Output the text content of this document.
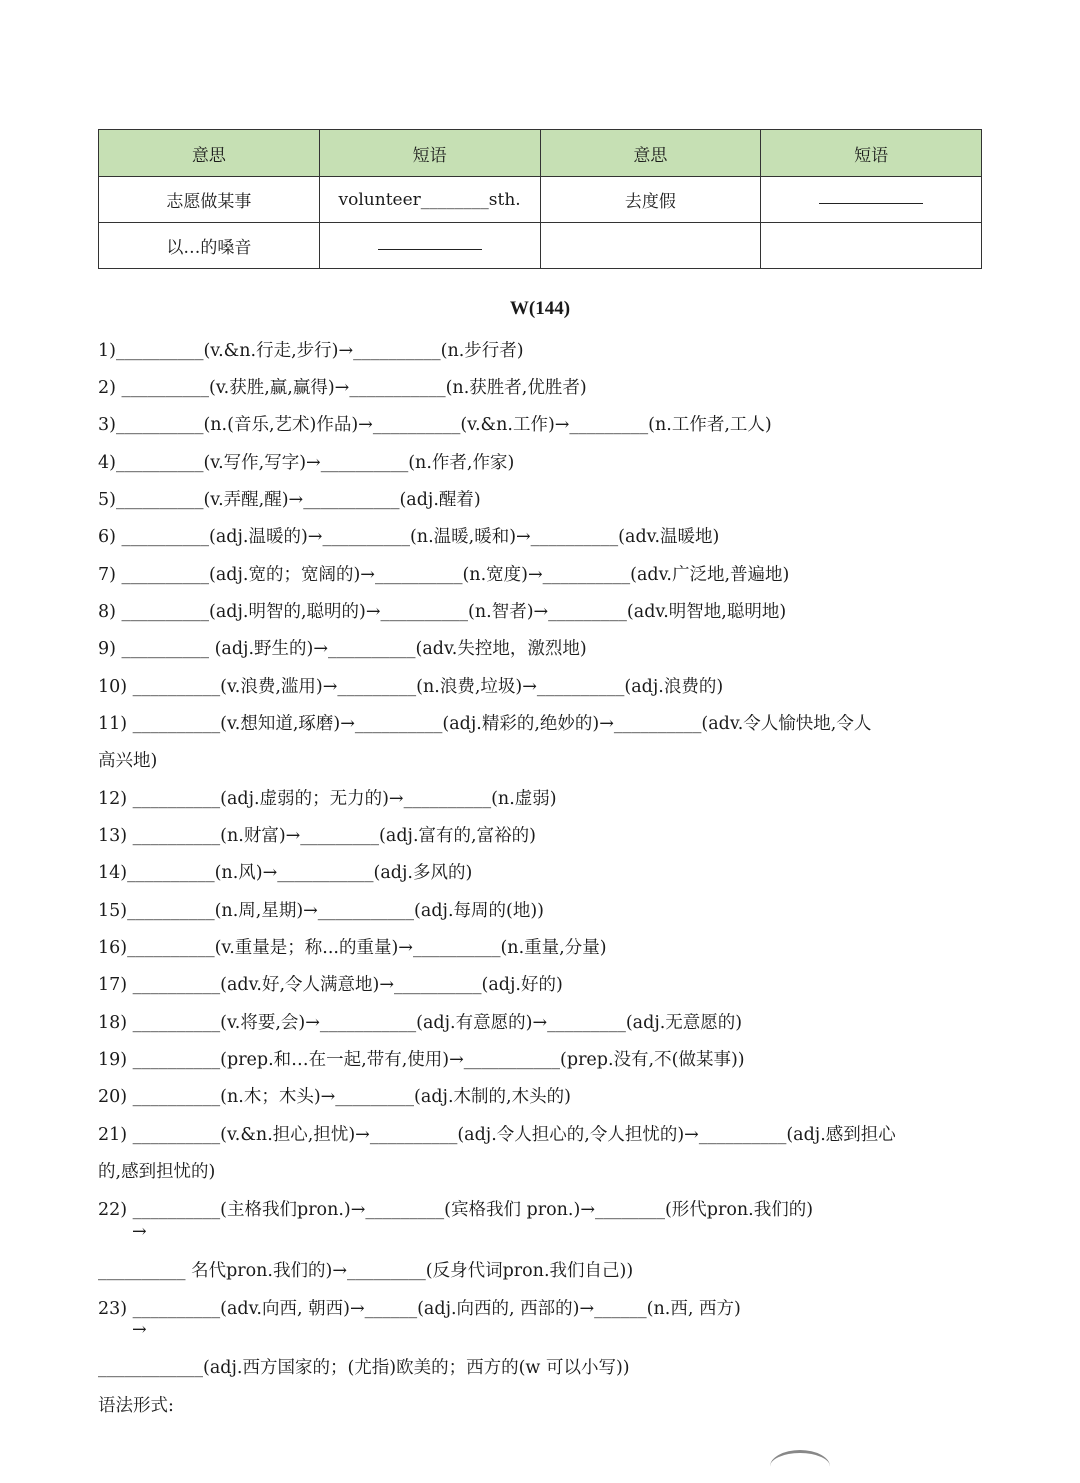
意思	短语	意思	短语
志愿做某事	volunteer________sth.	去度假	
以…的嗓音			
W(144)
1)__________(v.&n.行走,步行)→__________(n.步行者)
2) __________(v.获胜,赢,赢得)→___________(n.获胜者,优胜者)
3)__________(n.(音乐,艺术)作品)→__________(v.&n.工作)→_________(n.工作者,工人)
4)__________(v.写作,写字)→__________(n.作者,作家)
5)__________(v.弄醒,醒)→___________(adj.醒着)
6) __________(adj.温暖的)→__________(n.温暖,暖和)→__________(adv.温暖地)
7) __________(adj.宽的；宽阔的)→__________(n.宽度)→__________(adv.广泛地,普遍地)
8) __________(adj.明智的,聪明的)→__________(n.智者)→_________(adv.明智地,聪明地)
9) __________ (adj.野生的)→__________(adv.失控地，激烈地)
10) __________(v.浪费,滥用)→_________(n.浪费,垃圾)→__________(adj.浪费的)
11) __________(v.想知道,琢磨)→__________(adj.精彩的,绝妙的)→__________(adv.令人愉快地,令人
高兴地)
12) __________(adj.虚弱的；无力的)→__________(n.虚弱)
13) __________(n.财富)→_________(adj.富有的,富裕的)
14)__________(n.风)→___________(adj.多风的)
15)__________(n.周,星期)→___________(adj.每周的(地))
16)__________(v.重量是；称...的重量)→__________(n.重量,分量)
17) __________(adv.好,令人满意地)→__________(adj.好的)
18) __________(v.将要,会)→___________(adj.有意愿的)→_________(adj.无意愿的)
19) __________(prep.和…在一起,带有,使用)→___________(prep.没有,不(做某事))
20) __________(n.木；木头)→_________(adj.木制的,木头的)
21) __________(v.&n.担心,担忧)→__________(adj.令人担心的,令人担忧的)→__________(adj.感到担心
的,感到担忧的)
22) __________(主格我们pron.)→_________(宾格我们 pron.)→________(形代pron.我们的)
→
__________ 名代pron.我们的)→_________(反身代词pron.我们自己))
23) __________(adv.向西, 朝西)→______(adj.向西的, 西部的)→______(n.西, 西方)
→
____________(adj.西方国家的；(尤指)欧美的；西方的(w 可以小写))
语法形式:
